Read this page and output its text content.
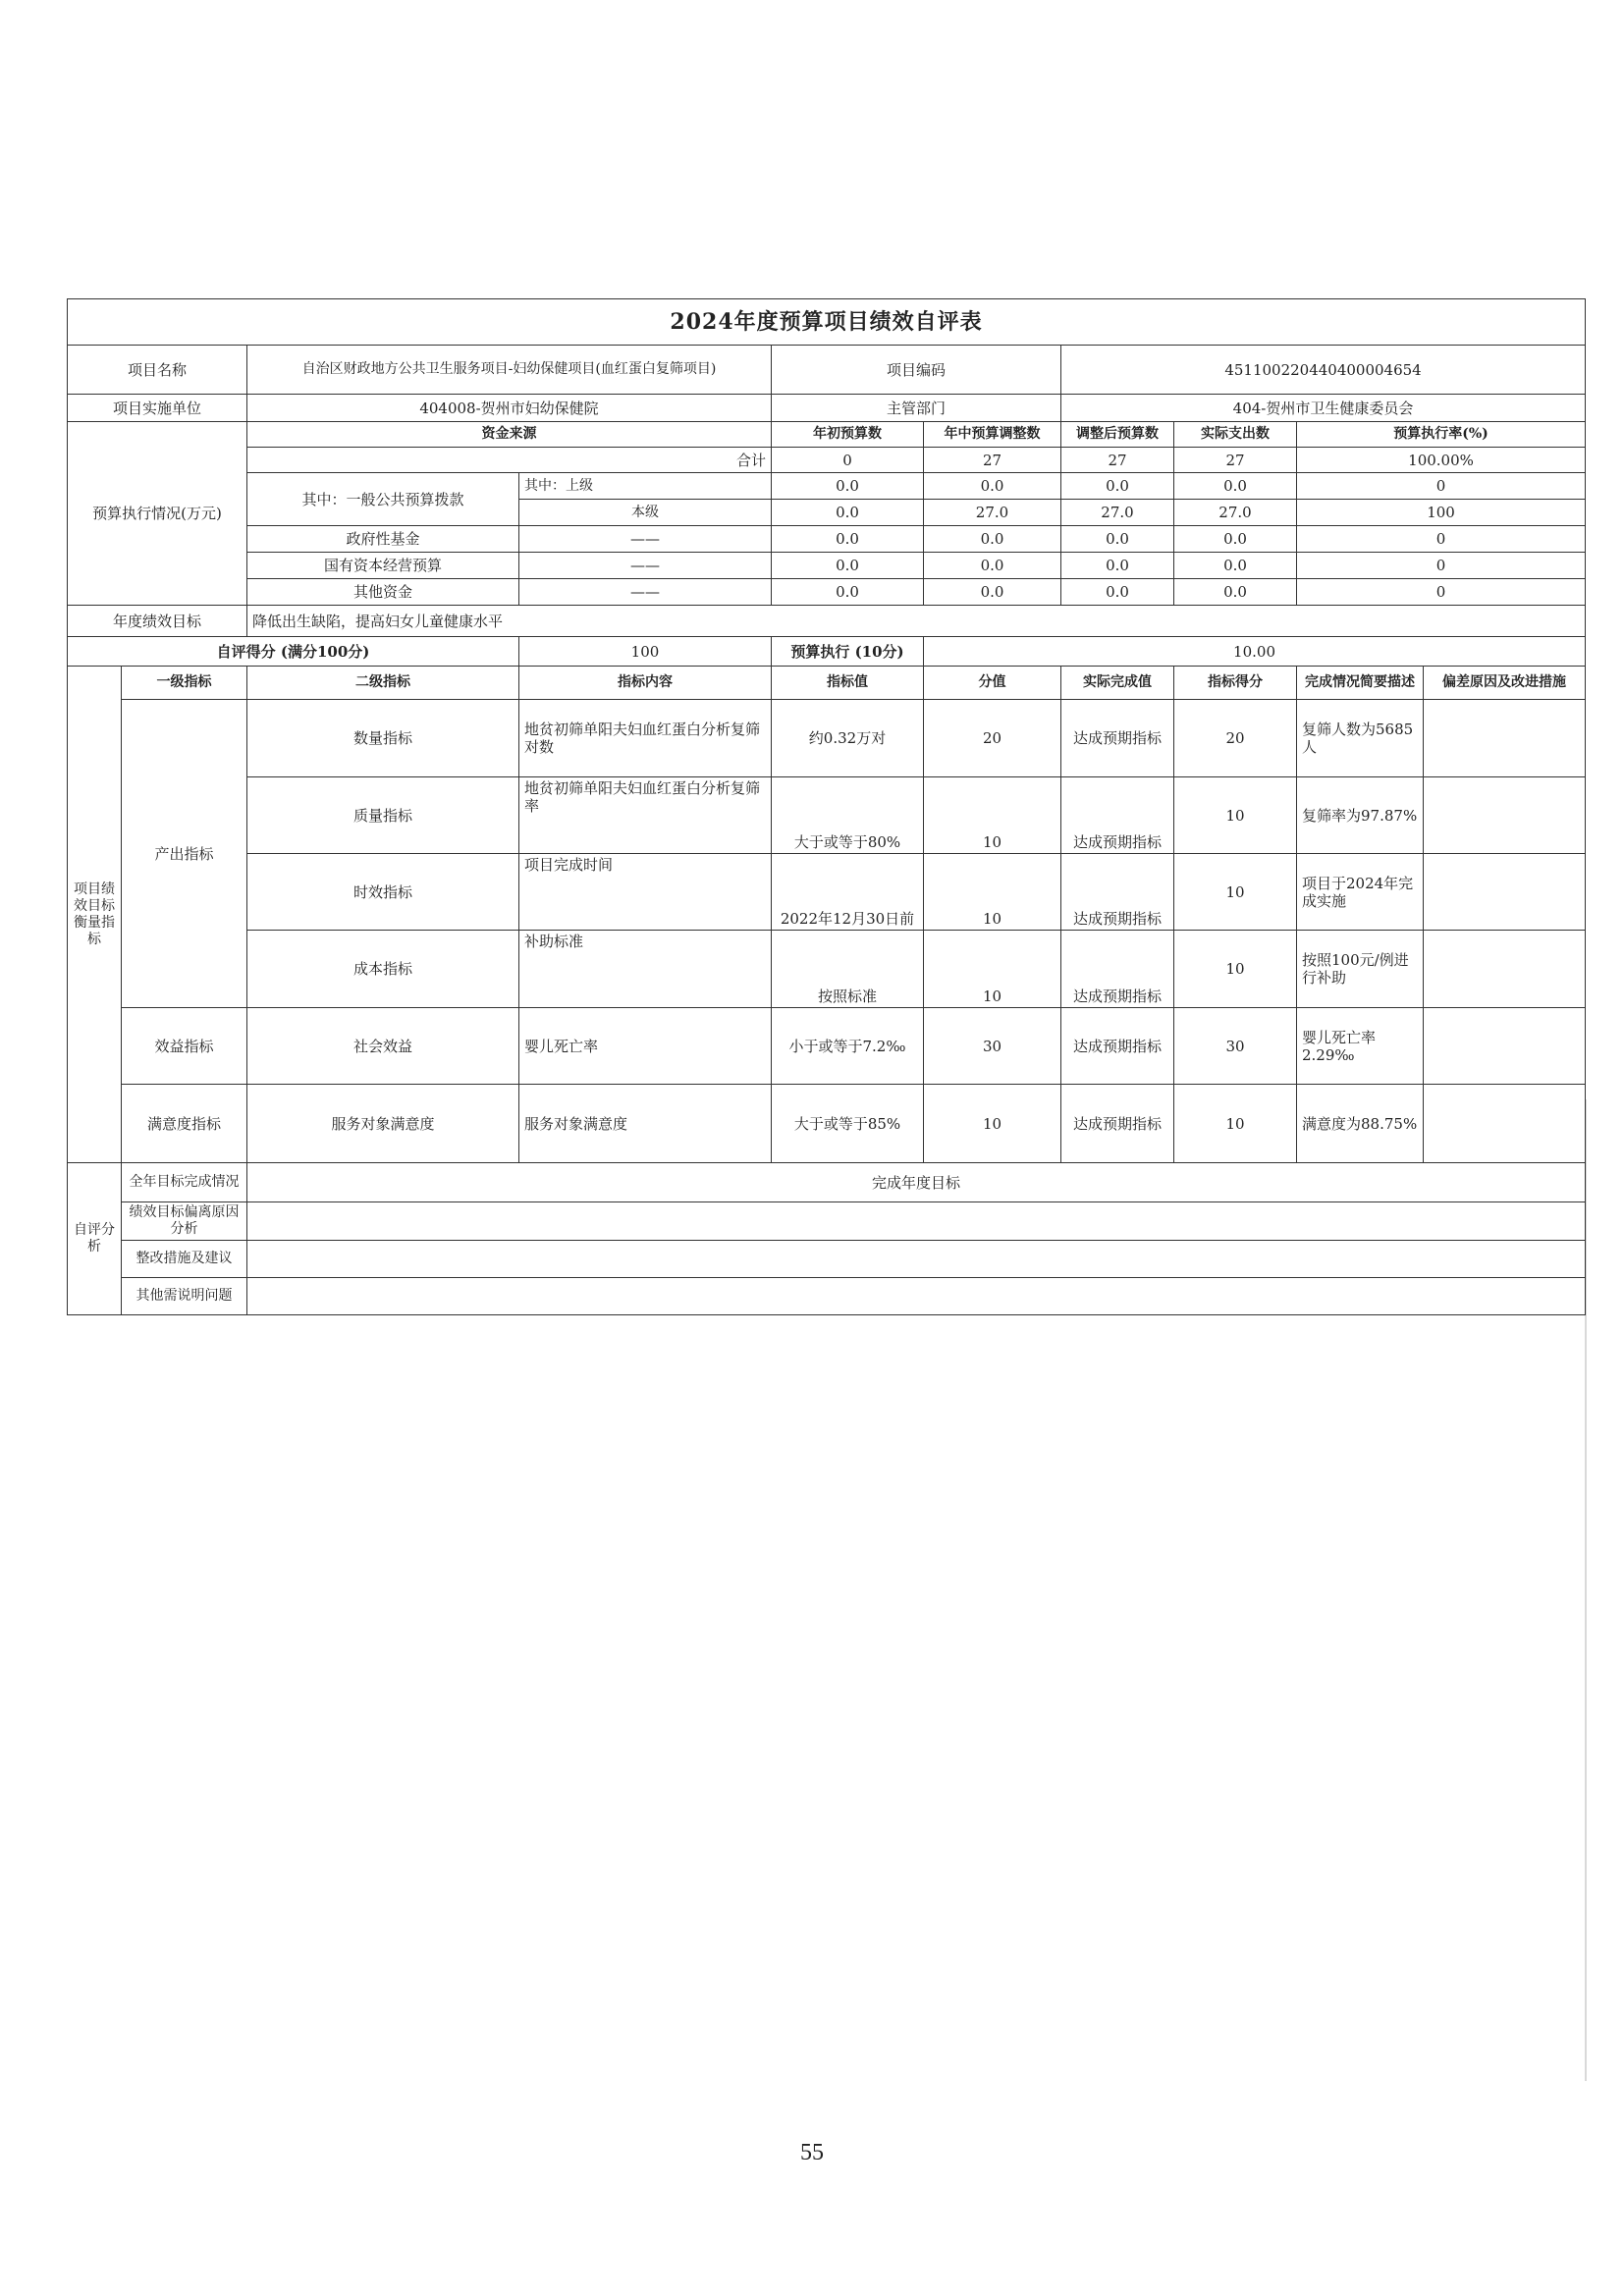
2024年度预算项目绩效自评表									
项目名称		自治区财政地方公共卫生服务项目-妇幼保健项目(血红蛋白复筛项目)		项目编码		451100220440400004654			
项目实施单位		404008-贺州市妇幼保健院		主管部门		404-贺州市卫生健康委员会			
预算执行情况(万元)		资金来源		年初预算数	年中预算调整数	调整后预算数	实际支出数	预算执行率(%)	
		合计		0	27	27	27	100.00%	
		其中：一般公共预算拨款	其中：上级	0.0	0.0	0.0	0.0	0	
			本级	0.0	27.0	27.0	27.0	100	
		政府性基金	——	0.0	0.0	0.0	0.0	0	
		国有资本经营预算	——	0.0	0.0	0.0	0.0	0	
		其他资金	——	0.0	0.0	0.0	0.0	0	
年度绩效目标		降低出生缺陷，提高妇女儿童健康水平							
自评得分 (满分100分)			100	预算执行 (10分)	10.00				
项目绩效目标衡量指标	一级指标	二级指标	指标内容	指标值	分值	实际完成值	指标得分	完成情况简要描述	偏差原因及改进措施
	产出指标	数量指标	地贫初筛单阳夫妇血红蛋白分析复筛对数	约0.32万对	20	达成预期指标	20	复筛人数为5685人	
		质量指标	地贫初筛单阳夫妇血红蛋白分析复筛率	大于或等于80%	10	达成预期指标	10	复筛率为97.87%	
		时效指标	项目完成时间	2022年12月30日前	10	达成预期指标	10	项目于2024年完成实施	
		成本指标	补助标准	按照标准	10	达成预期指标	10	按照100元/例进行补助	
	效益指标	社会效益	婴儿死亡率	小于或等于7.2‰	30	达成预期指标	30	婴儿死亡率2.29‰	
	满意度指标	服务对象满意度	服务对象满意度	大于或等于85%	10	达成预期指标	10	满意度为88.75%	
自评分析	全年目标完成情况	完成年度目标							
	绩效目标偏离原因分析								
	整改措施及建议								
	其他需说明问题								
55
